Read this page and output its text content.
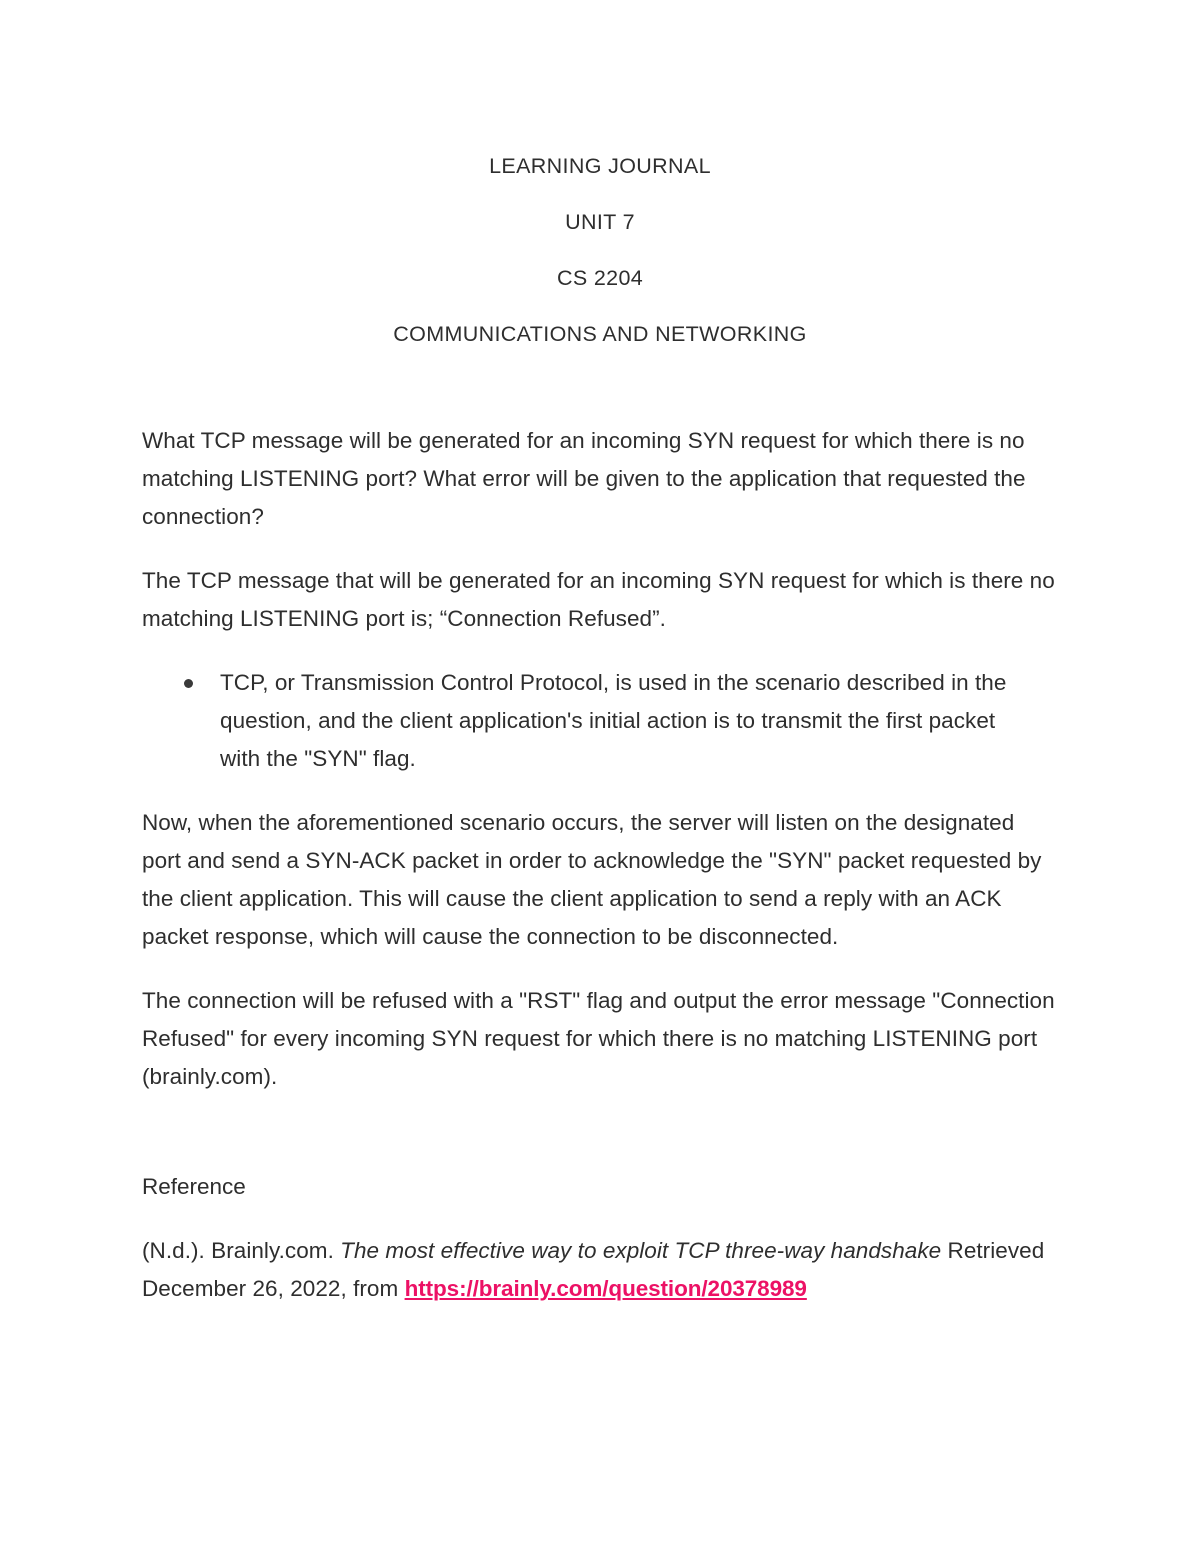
LEARNING JOURNAL
UNIT 7
CS 2204
COMMUNICATIONS AND NETWORKING

What TCP message will be generated for an incoming SYN request for which there is no matching LISTENING port? What error will be given to the application that requested the connection?

The TCP message that will be generated for an incoming SYN request for which is there no matching LISTENING port is; “Connection Refused”.

TCP, or Transmission Control Protocol, is used in the scenario described in the question, and the client application's initial action is to transmit the first packet with the "SYN" flag.

Now, when the aforementioned scenario occurs, the server will listen on the designated port and send a SYN-ACK packet in order to acknowledge the "SYN" packet requested by the client application. This will cause the client application to send a reply with an ACK packet response, which will cause the connection to be disconnected.

The connection will be refused with a "RST" flag and output the error message "Connection Refused" for every incoming SYN request for which there is no matching LISTENING port (brainly.com).

Reference

(N.d.). Brainly.com. The most effective way to exploit TCP three-way handshake Retrieved December 26, 2022, from https://brainly.com/question/20378989
